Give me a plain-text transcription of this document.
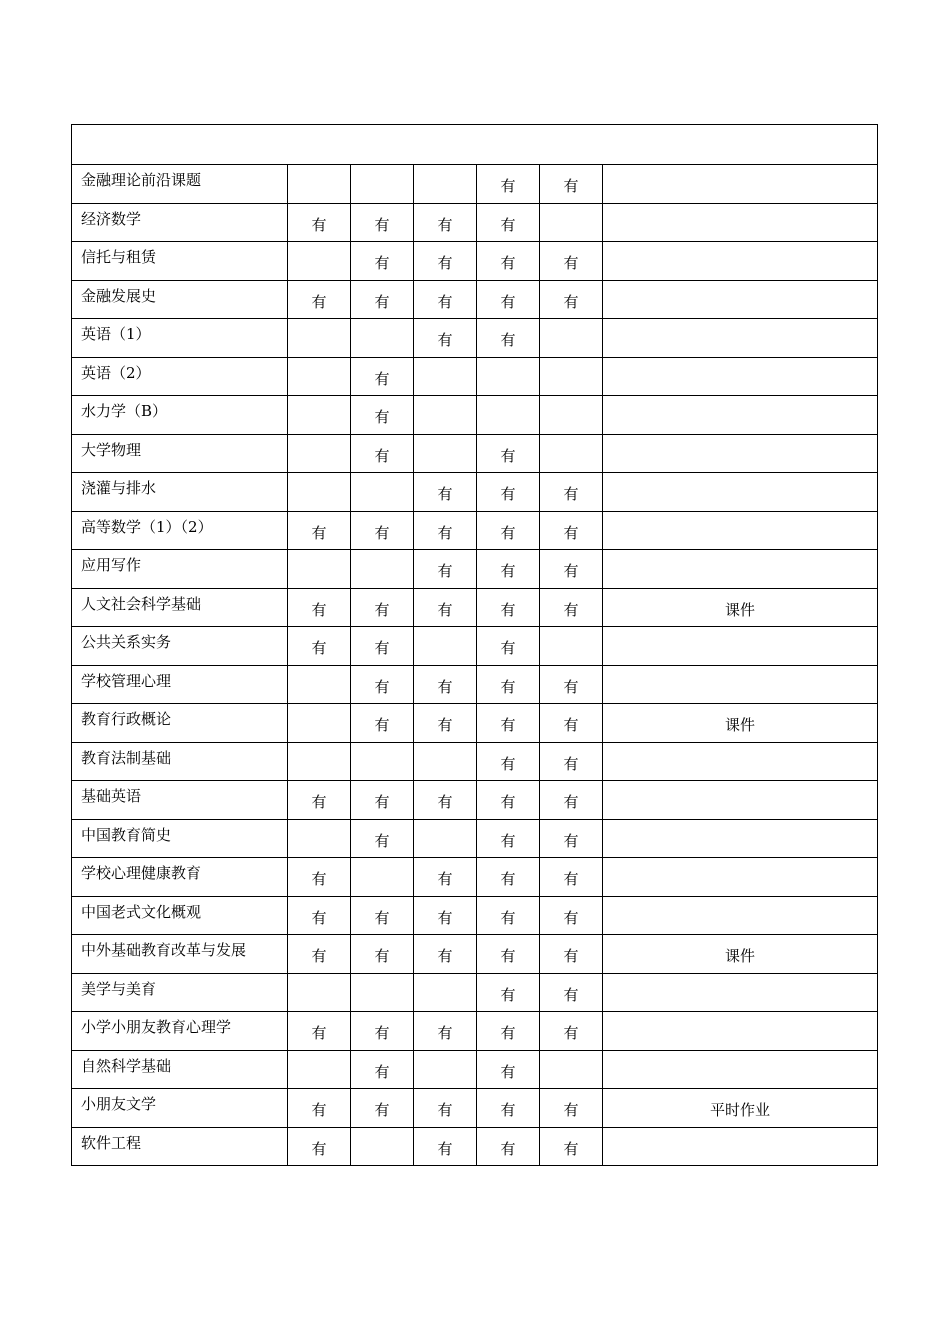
金融理论前沿课题				有	有	
经济数学	有	有	有	有		
信托与租赁		有	有	有	有	
金融发展史	有	有	有	有	有	
英语（1）			有	有		
英语（2）		有				
水力学（B）		有				
大学物理		有		有		
浇灌与排水			有	有	有	
高等数学（1）（2）	有	有	有	有	有	
应用写作			有	有	有	
人文社会科学基础	有	有	有	有	有	课件
公共关系实务	有	有		有		
学校管理心理		有	有	有	有	
教育行政概论		有	有	有	有	课件
教育法制基础				有	有	
基础英语	有	有	有	有	有	
中国教育简史		有		有	有	
学校心理健康教育	有		有	有	有	
中国老式文化概观	有	有	有	有	有	
中外基础教育改革与发展	有	有	有	有	有	课件
美学与美育				有	有	
小学小朋友教育心理学	有	有	有	有	有	
自然科学基础		有		有		
小朋友文学	有	有	有	有	有	平时作业
软件工程	有		有	有	有	
